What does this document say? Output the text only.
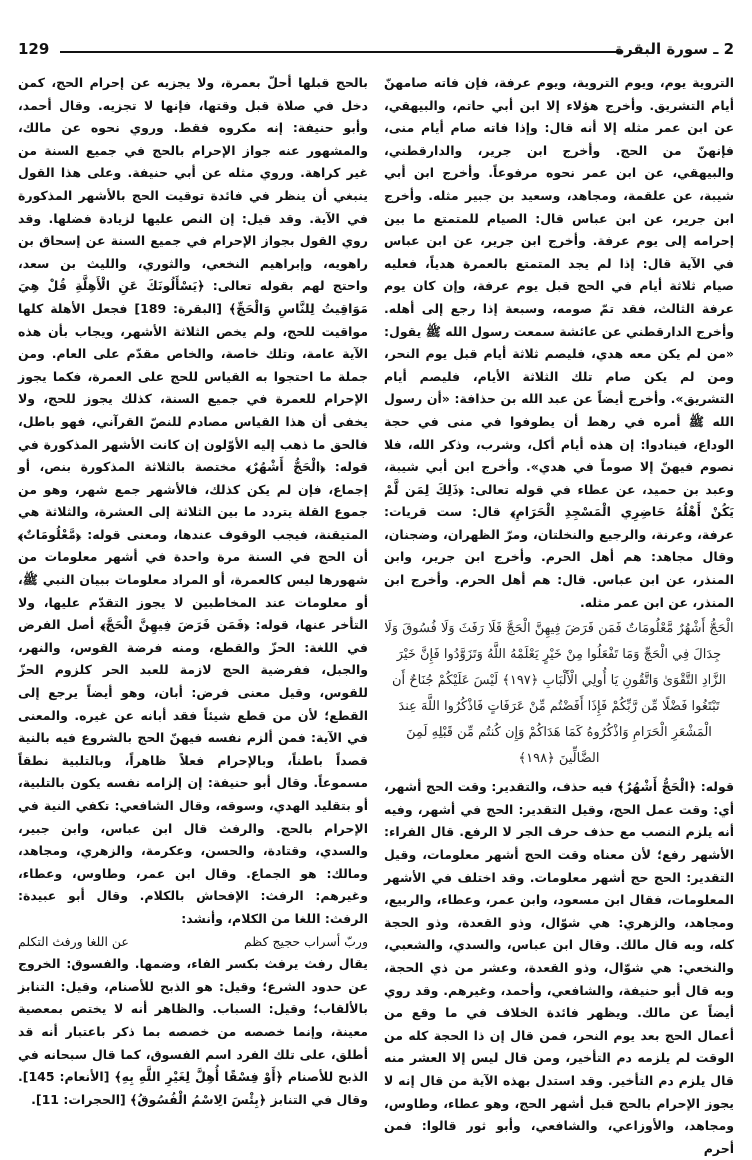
129	2 ـ سورة البقرة

التروية يوم، ويوم التروية، ويوم عرفة، فإن فاته صامهنّ أيام التشريق. وأخرج هؤلاء إلا ابن أبي حاتم، والبيهقي، عن ابن عمر مثله إلا أنه قال: وإذا فاته صام أيام منى، فإنهنّ من الحج. وأخرج ابن جرير، والدارقطني، والبيهقي، عن ابن عمر نحوه مرفوعاً. وأخرج ابن أبي شيبة، عن علقمة، ومجاهد، وسعيد بن جبير مثله. وأخرج ابن جرير، عن ابن عباس قال: الصيام للمتمتع ما بين إحرامه إلى يوم عرفة. وأخرج ابن جرير، عن ابن عباس في الآية قال: إذا لم يجد المتمتع بالعمرة هدياً، فعليه صيام ثلاثة أيام في الحج قبل يوم عرفة، وإن كان يوم عرفة الثالث، فقد تمّ صومه، وسبعة إذا رجع إلى أهله. وأخرج الدارقطني عن عائشة سمعت رسول الله ﷺ يقول: «من لم يكن معه هدي، فليصم ثلاثة أيام قبل يوم النحر، ومن لم يكن صام تلك الثلاثة الأيام، فليصم أيام التشريق». وأخرج أيضاً عن عبد الله بن حذافة: «أن رسول الله ﷺ أمره في رهط أن يطوفوا في منى في حجة الوداع، فينادوا: إن هذه أيام أكل، وشرب، وذكر الله، فلا نصوم فيهنّ إلا صوماً في هدي». وأخرج ابن أبي شيبة، وعبد بن حميد، عن عطاء في قوله تعالى: ﴿ذَلِكَ لِمَن لَّمْ يَكُنْ أَهْلُهُ حَاضِرِي الْمَسْجِدِ الْحَرَامِ﴾ قال: ست قريات: عرفة، وعرنة، والرجيع والنخلتان، ومرّ الظهران، وضجنان، وقال مجاهد: هم أهل الحرم. وأخرج ابن جرير، وابن المنذر، عن ابن عباس. قال: هم أهل الحرم. وأخرج ابن المنذر، عن ابن عمر مثله.

الْحَجُّ أَشْهُرٌ مَّعْلُومَاتٌ فَمَن فَرَضَ فِيهِنَّ الْحَجَّ فَلَا رَفَثَ وَلَا فُسُوقَ وَلَا جِدَالَ فِي الْحَجِّ وَمَا تَفْعَلُوا مِنْ خَيْرٍ يَعْلَمْهُ اللَّهُ وَتَزَوَّدُوا فَإِنَّ خَيْرَ الزَّادِ التَّقْوَىٰ وَاتَّقُونِ يَا أُولِي الْأَلْبَابِ ﴿١٩٧﴾ لَيْسَ عَلَيْكُمْ جُنَاحٌ أَن تَبْتَغُوا فَضْلًا مِّن رَّبِّكُمْ فَإِذَا أَفَضْتُم مِّنْ عَرَفَاتٍ فَاذْكُرُوا اللَّهَ عِندَ الْمَشْعَرِ الْحَرَامِ وَاذْكُرُوهُ كَمَا هَدَاكُمْ وَإِن كُنتُم مِّن قَبْلِهِ لَمِنَ الضَّالِّينَ ﴿١٩٨﴾

قوله: ﴿الْحَجُّ أَشْهُرٌ﴾ فيه حذف، والتقدير: وقت الحج أشهر، أي: وقت عمل الحج، وقيل التقدير: الحج في أشهر، وفيه أنه يلزم النصب مع حذف حرف الجر لا الرفع. قال الفراء: الأشهر رفع؛ لأن معناه وقت الحج أشهر معلومات، وقيل التقدير: الحج حج أشهر معلومات. وقد اختلف في الأشهر المعلومات، فقال ابن مسعود، وابن عمر، وعطاء، والربيع، ومجاهد، والزهري: هي شوّال، وذو القعدة، وذو الحجة كله، وبه قال مالك. وقال ابن عباس، والسدي، والشعبي، والنخعي: هي شوّال، وذو القعدة، وعشر من ذي الحجة، وبه قال أبو حنيفة، والشافعي، وأحمد، وغيرهم. وقد روي أيضاً عن مالك. ويظهر فائدة الخلاف في ما وقع من أعمال الحج بعد يوم النحر، فمن قال إن ذا الحجة كله من الوقت لم يلزمه دم التأخير، ومن قال ليس إلا العشر منه قال يلزم دم التأخير. وقد استدل بهذه الآية من قال إنه لا يجوز الإحرام بالحج قبل أشهر الحج، وهو عطاء، وطاوس، ومجاهد، والأوزاعي، والشافعي، وأبو ثور قالوا: فمن أحرم

بالحج قبلها أحلّ بعمرة، ولا يجزيه عن إحرام الحج، كمن دخل في صلاة قبل وقتها، فإنها لا تجزيه. وقال أحمد، وأبو حنيفة: إنه مكروه فقط. وروي نحوه عن مالك، والمشهور عنه جواز الإحرام بالحج في جميع السنة من غير كراهة. وروي مثله عن أبي حنيفة. وعلى هذا القول ينبغي أن ينظر في فائدة توقيت الحج بالأشهر المذكورة في الآية. وقد قيل: إن النص عليها لزيادة فضلها. وقد روي القول بجواز الإحرام في جميع السنة عن إسحاق بن راهويه، وإبراهيم النخعي، والثوري، والليث بن سعد، واحتج لهم بقوله تعالى: ﴿يَسْأَلُونَكَ عَنِ الْأَهِلَّةِ قُلْ هِيَ مَوَاقِيتُ لِلنَّاسِ وَالْحَجِّ﴾ [البقرة: 189] فجعل الأهلة كلها مواقيت للحج، ولم يخص الثلاثة الأشهر، ويجاب بأن هذه الآية عامة، وتلك خاصة، والخاص مقدّم على العام. ومن جملة ما احتجوا به القياس للحج على العمرة، فكما يجوز الإحرام للعمرة في جميع السنة، كذلك يجوز للحج، ولا يخفى أن هذا القياس مصادم للنصّ القرآني، فهو باطل، فالحق ما ذهب إليه الأوّلون إن كانت الأشهر المذكورة في قوله: ﴿الْحَجُّ أَشْهُرٌ﴾ مختصة بالثلاثة المذكورة بنص، أو إجماع، فإن لم يكن كذلك، فالأشهر جمع شهر، وهو من جموع القلة يتردد ما بين الثلاثة إلى العشرة، والثلاثة هي المتيقنة، فيجب الوقوف عندها، ومعنى قوله: ﴿مَّعْلُومَاتٌ﴾ أن الحج في السنة مرة واحدة في أشهر معلومات من شهورها ليس كالعمرة، أو المراد معلومات ببيان النبي ﷺ، أو معلومات عند المخاطبين لا يجوز التقدّم عليها، ولا التأخر عنها، قوله: ﴿فَمَن فَرَضَ فِيهِنَّ الْحَجَّ﴾ أصل الفرض في اللغة: الحزّ والقطع، ومنه فرضة القوس، والنهر، والجبل، ففرضية الحج لازمة للعبد الحر كلزوم الحزّ للقوس، وقيل معنى فرض: أبان، وهو أيضاً يرجع إلى القطع؛ لأن من قطع شيئاً فقد أبانه عن غيره. والمعنى في الآية: فمن ألزم نفسه فيهنّ الحج بالشروع فيه بالنية قصداً باطناً، وبالإحرام فعلاً ظاهراً، وبالتلبية نطقاً مسموعاً. وقال أبو حنيفة: إن إلزامه نفسه يكون بالتلبية، أو بتقليد الهدي، وسوقه، وقال الشافعي: تكفي النية في الإحرام بالحج. والرفث قال ابن عباس، وابن جبير، والسدي، وقتادة، والحسن، وعكرمة، والزهري، ومجاهد، ومالك: هو الجماع. وقال ابن عمر، وطاوس، وعطاء، وغيرهم: الرفث: الإفحاش بالكلام. وقال أبو عبيدة: الرفث: اللغا من الكلام، وأنشد:

وربّ أسراب حجيج كظم
عن اللغا ورفث التكلم

يقال رفث يرفث بكسر الفاء، وضمها. والفسوق: الخروج عن حدود الشرع؛ وقيل: هو الذبح للأصنام، وقيل: التنابز بالألقاب؛ وقيل: السباب. والظاهر أنه لا يختص بمعصية معينة، وإنما خصصه من خصصه بما ذكر باعتبار أنه قد أطلق، على تلك الفرد اسم الفسوق، كما قال سبحانه في الذبح للأصنام ﴿أَوْ فِسْقًا أُهِلَّ لِغَيْرِ اللَّهِ بِهِ﴾ [الأنعام: 145]. وقال في التنابز ﴿بِئْسَ الِاسْمُ الْفُسُوقُ﴾ [الحجرات: 11].
